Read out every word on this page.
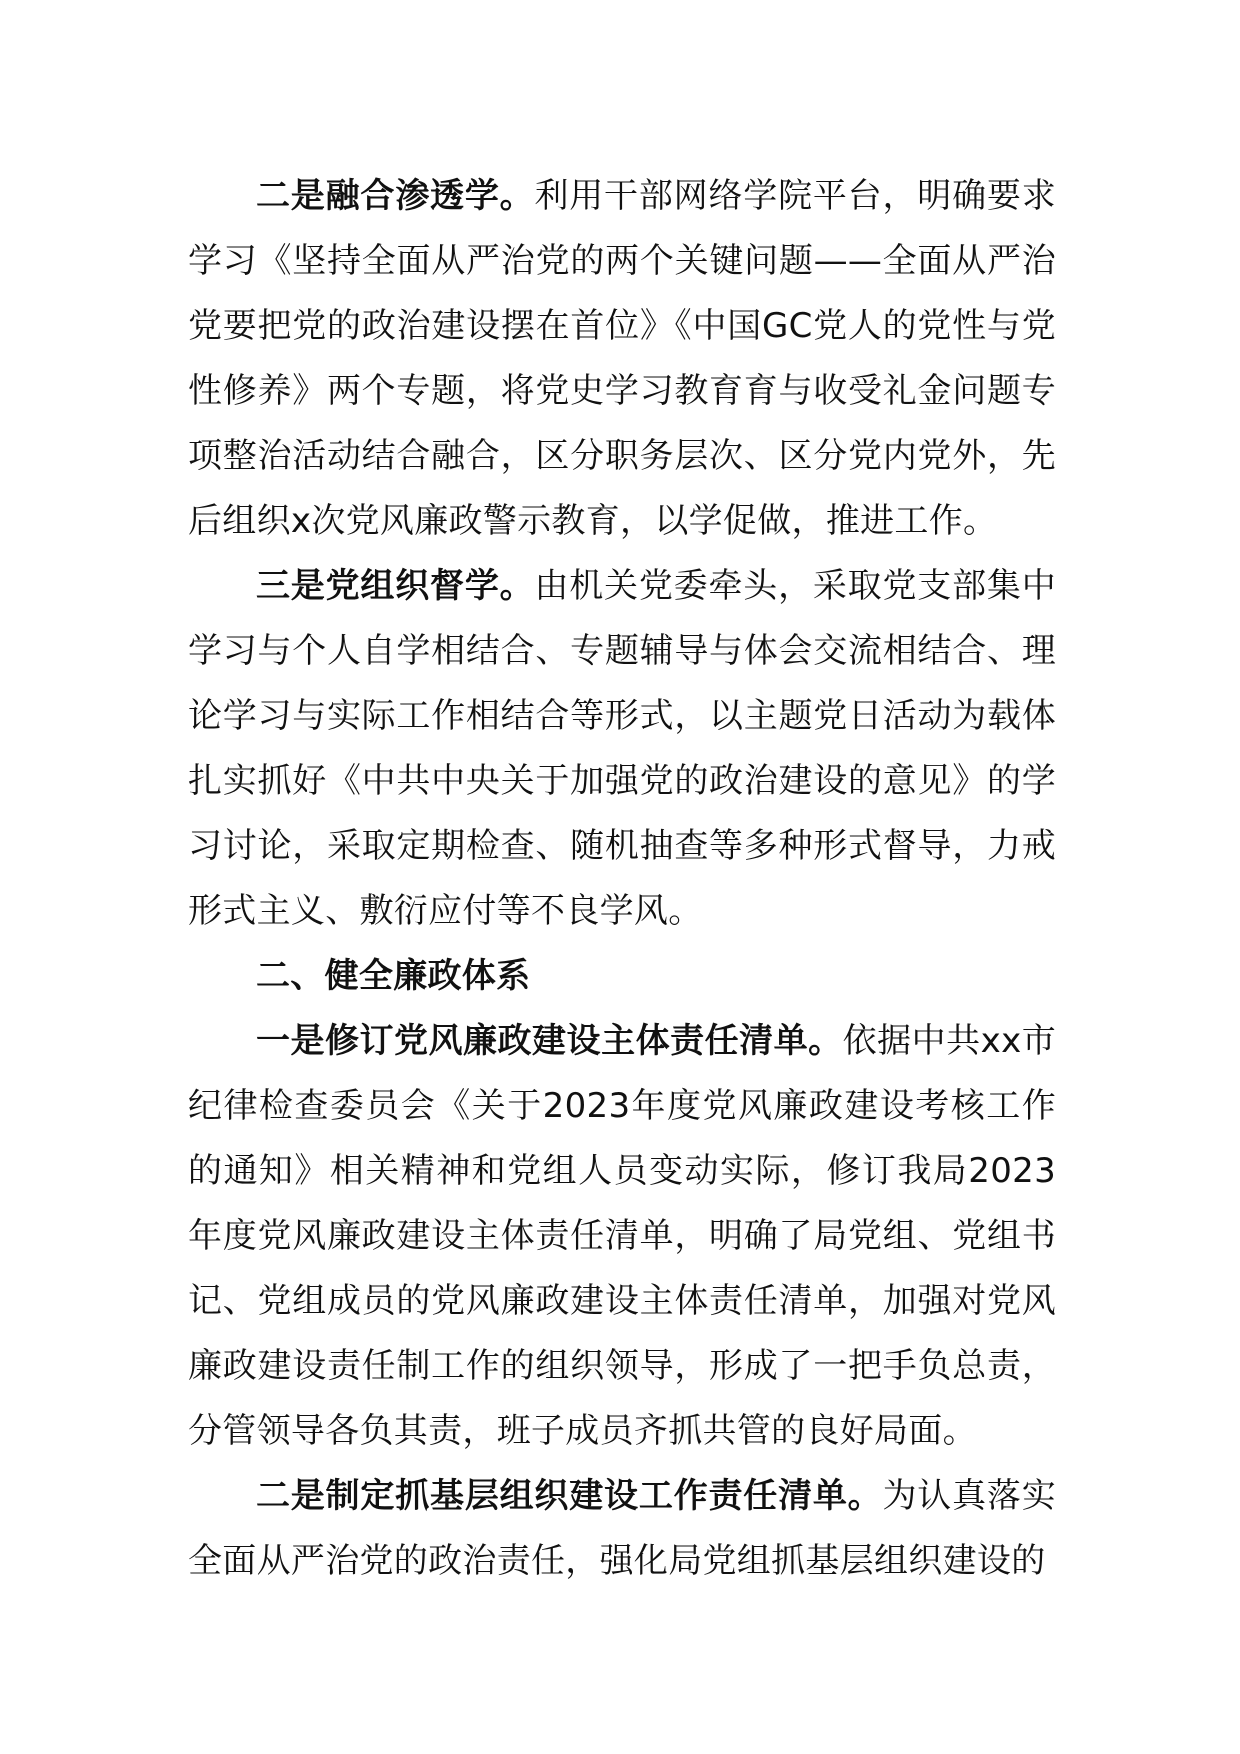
二是融合渗透学。利用干部网络学院平台，明确要求学习《坚持全面从严治党的两个关键问题——全面从严治党要把党的政治建设摆在首位》《中国GC党人的党性与党性修养》两个专题，将党史学习教育育与收受礼金问题专项整治活动结合融合，区分职务层次、区分党内党外，先后组织x次党风廉政警示教育，以学促做，推进工作。

三是党组织督学。由机关党委牵头，采取党支部集中学习与个人自学相结合、专题辅导与体会交流相结合、理论学习与实际工作相结合等形式，以主题党日活动为载体扎实抓好《中共中央关于加强党的政治建设的意见》的学习讨论，采取定期检查、随机抽查等多种形式督导，力戒形式主义、敷衍应付等不良学风。

二、健全廉政体系

一是修订党风廉政建设主体责任清单。依据中共xx市纪律检查委员会《关于2023年度党风廉政建设考核工作的通知》相关精神和党组人员变动实际，修订我局2023年度党风廉政建设主体责任清单，明确了局党组、党组书记、党组成员的党风廉政建设主体责任清单，加强对党风廉政建设责任制工作的组织领导，形成了一把手负总责，分管领导各负其责，班子成员齐抓共管的良好局面。

二是制定抓基层组织建设工作责任清单。为认真落实全面从严治党的政治责任，强化局党组抓基层组织建设的
